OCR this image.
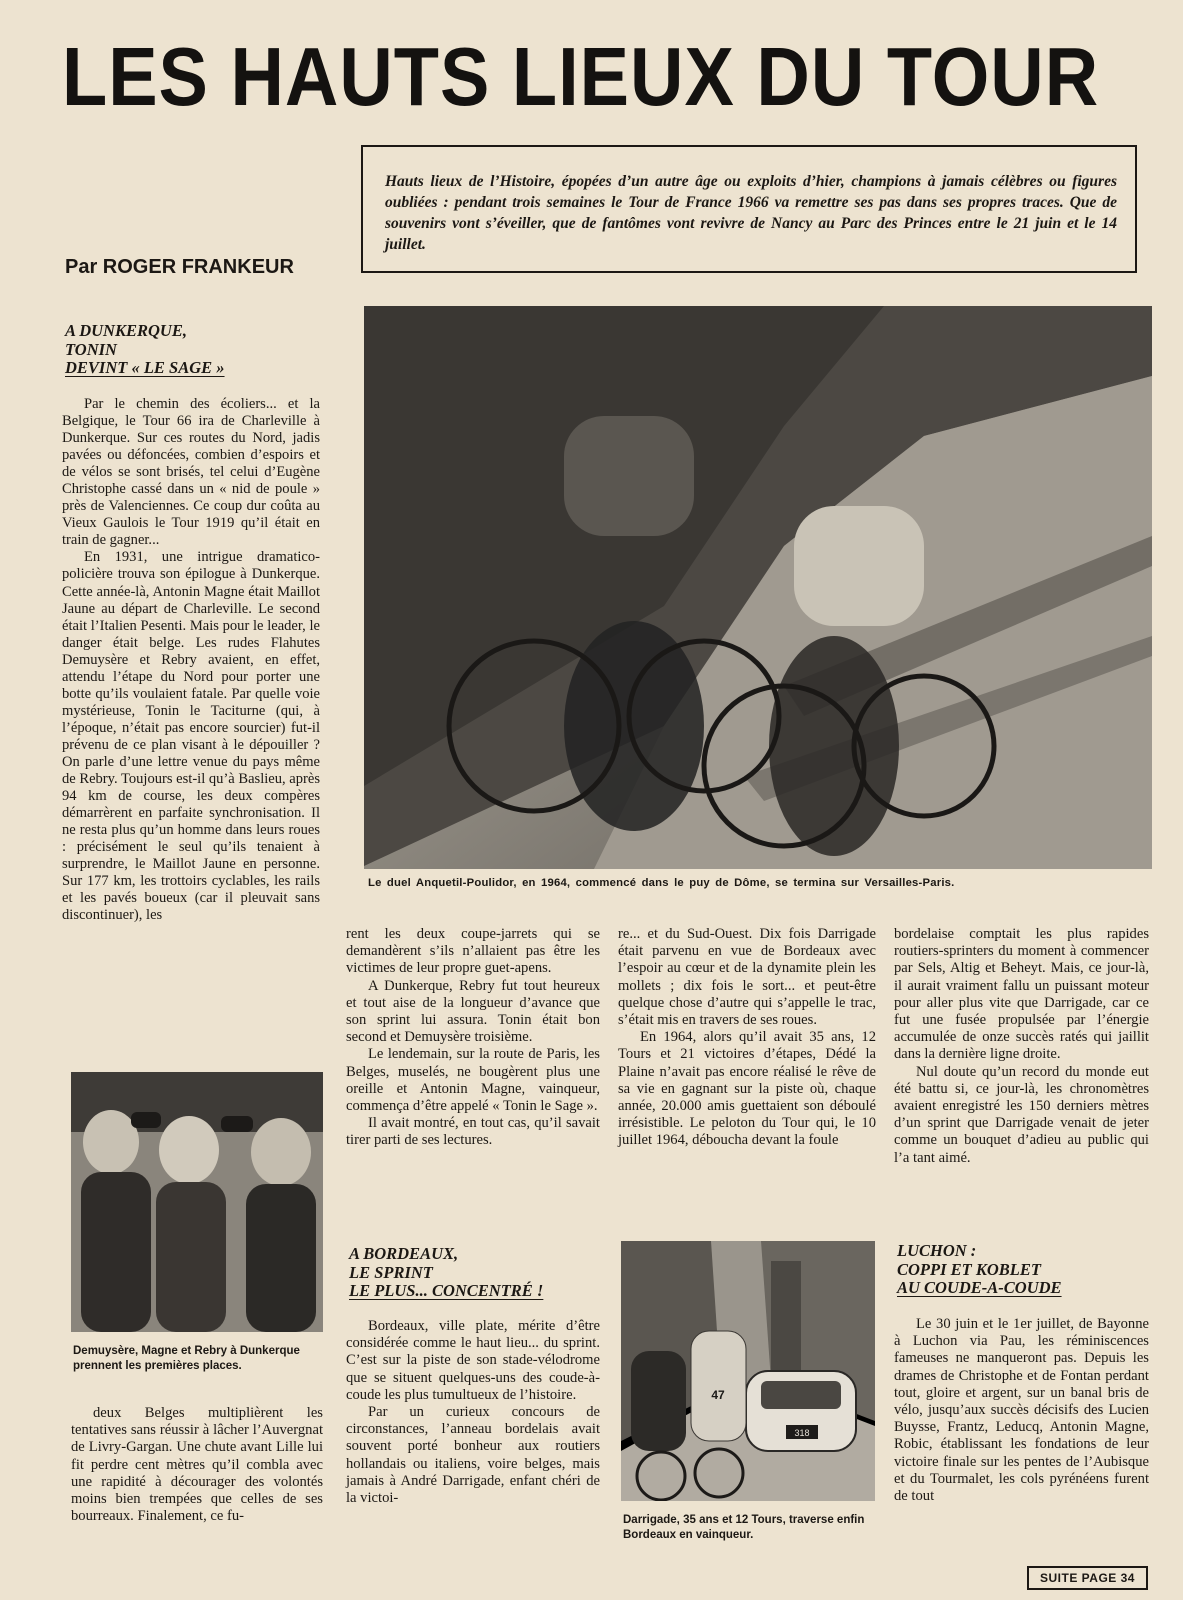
LES HAUTS LIEUX DU TOUR
Hauts lieux de l’Histoire, épopées d’un autre âge ou exploits d’hier, champions à jamais célèbres ou figures oubliées : pendant trois semaines le Tour de France 1966 va remettre ses pas dans ses propres traces. Que de souvenirs vont s’éveiller, que de fantômes vont revivre de Nancy au Parc des Princes entre le 21 juin et le 14 juillet.

Par ROGER FRANKEUR

Le duel Anquetil-Poulidor, en 1964, commencé dans le puy de Dôme, se termina sur Versailles-Paris.

A DUNKERQUE,

TONIN

DEVINT « LE SAGE »

Par le chemin des écoliers... et la Belgique, le Tour 66 ira de Charleville à Dunkerque. Sur ces routes du Nord, jadis pavées ou défoncées, combien d’espoirs et de vélos se sont brisés, tel celui d’Eugène Christophe cassé dans un « nid de poule » près de Valenciennes. Ce coup dur coûta au Vieux Gaulois le Tour 1919 qu’il était en train de gagner...

En 1931, une intrigue dramatico-policière trouva son épilogue à Dunkerque. Cette année-là, Antonin Magne était Maillot Jaune au départ de Charleville. Le second était l’Italien Pesenti. Mais pour le leader, le danger était belge. Les rudes Flahutes Demuysère et Rebry avaient, en effet, attendu l’étape du Nord pour porter une botte qu’ils voulaient fatale. Par quelle voie mystérieuse, Tonin le Taciturne (qui, à l’époque, n’était pas encore sourcier) fut-il prévenu de ce plan visant à le dépouiller ? On parle d’une lettre venue du pays même de Rebry. Toujours est-il qu’à Baslieu, après 94 km de course, les deux compères démarrèrent en parfaite synchronisation. Il ne resta plus qu’un homme dans leurs roues : précisément le seul qu’ils tenaient à surprendre, le Maillot Jaune en personne. Sur 177 km, les trottoirs cyclables, les rails et les pavés boueux (car il pleuvait sans discontinuer), les

Demuysère, Magne et Rebry à Dunkerque prennent les premières places.

deux Belges multiplièrent les tentatives sans réussir à lâcher l’Auvergnat de Livry-Gargan. Une chute avant Lille lui fit perdre cent mètres qu’il combla avec une rapidité à décourager des volontés moins bien trempées que celles de ses bourreaux. Finalement, ce fu-

rent les deux coupe-jarrets qui se demandèrent s’ils n’allaient pas être les victimes de leur propre guet-apens.

A Dunkerque, Rebry fut tout heureux et tout aise de la longueur d’avance que son sprint lui assura. Tonin était bon second et Demuysère troisième.

Le lendemain, sur la route de Paris, les Belges, muselés, ne bougèrent plus une oreille et Antonin Magne, vainqueur, commença d’être appelé « Tonin le Sage ».

Il avait montré, en tout cas, qu’il savait tirer parti de ses lectures.

A BORDEAUX,

LE SPRINT

LE PLUS... CONCENTRÉ !

Bordeaux, ville plate, mérite d’être considérée comme le haut lieu... du sprint. C’est sur la piste de son stade-vélodrome que se situent quelques-uns des coude-à-coude les plus tumultueux de l’histoire.

Par un curieux concours de circonstances, l’anneau bordelais avait souvent porté bonheur aux routiers hollandais ou italiens, voire belges, mais jamais à André Darrigade, enfant chéri de la victoi-

re... et du Sud-Ouest. Dix fois Darrigade était parvenu en vue de Bordeaux avec l’espoir au cœur et de la dynamite plein les mollets ; dix fois le sort... et peut-être quelque chose d’autre qui s’appelle le trac, s’était mis en travers de ses roues.

En 1964, alors qu’il avait 35 ans, 12 Tours et 21 victoires d’étapes, Dédé la Plaine n’avait pas encore réalisé le rêve de sa vie en gagnant sur la piste où, chaque année, 20.000 amis guettaient son déboulé irrésistible. Le peloton du Tour qui, le 10 juillet 1964, déboucha devant la foule

318
47

Darrigade, 35 ans et 12 Tours, traverse enfin Bordeaux en vainqueur.

bordelaise comptait les plus rapides routiers-sprinters du moment à commencer par Sels, Altig et Beheyt. Mais, ce jour-là, il aurait vraiment fallu un puissant moteur pour aller plus vite que Darrigade, car ce fut une fusée propulsée par l’énergie accumulée de onze succès ratés qui jaillit dans la dernière ligne droite.

Nul doute qu’un record du monde eut été battu si, ce jour-là, les chronomètres avaient enregistré les 150 derniers mètres d’un sprint que Darrigade venait de jeter comme un bouquet d’adieu au public qui l’a tant aimé.

LUCHON :

COPPI ET KOBLET

AU COUDE-A-COUDE

Le 30 juin et le 1er juillet, de Bayonne à Luchon via Pau, les réminiscences fameuses ne manqueront pas. Depuis les drames de Christophe et de Fontan perdant tout, gloire et argent, sur un banal bris de vélo, jusqu’aux succès décisifs des Lucien Buysse, Frantz, Leducq, Antonin Magne, Robic, établissant les fondations de leur victoire finale sur les pentes de l’Aubisque et du Tourmalet, les cols pyrénéens furent de tout

SUITE PAGE 34
